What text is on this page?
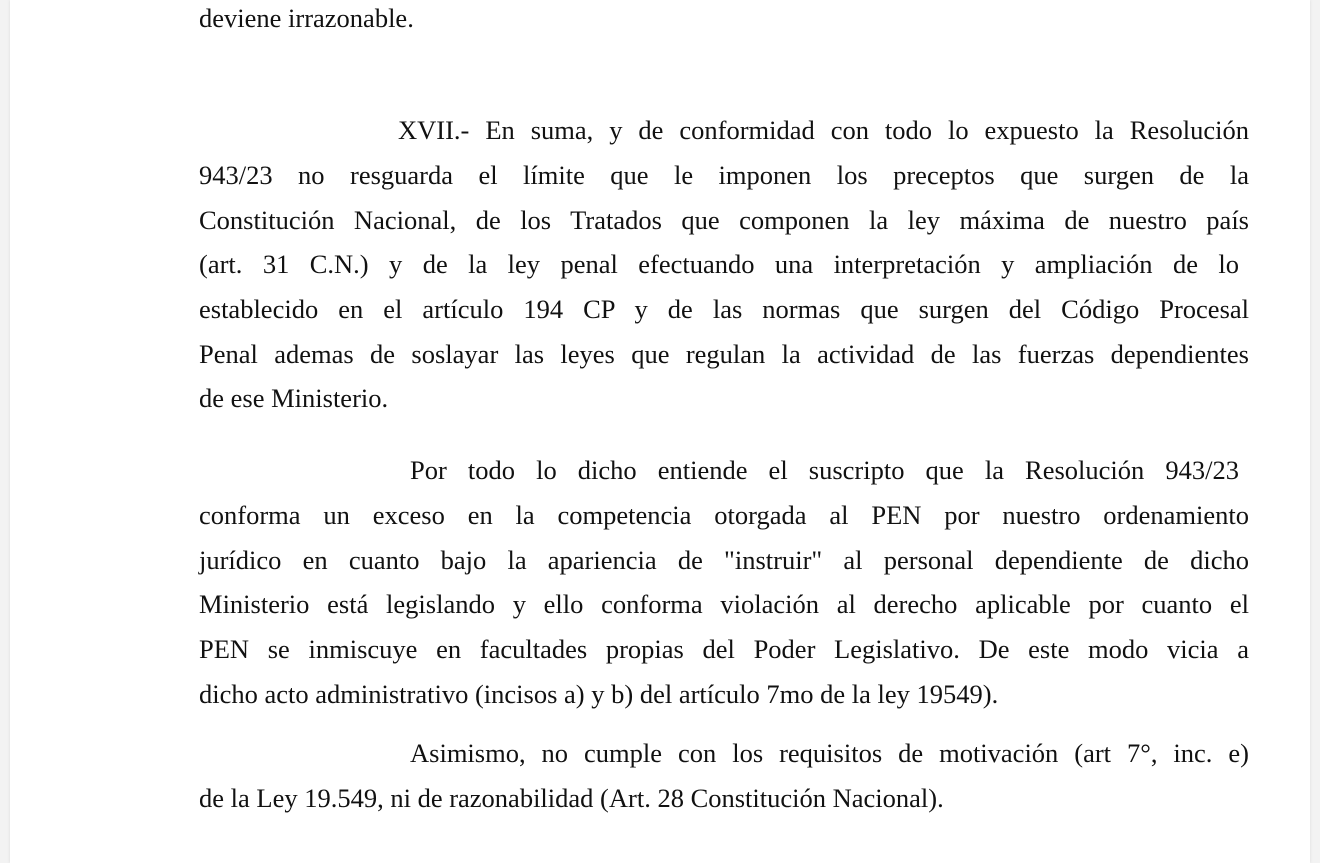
deviene irrazonable.
XVII.- En suma, y de conformidad con todo lo expuesto la Resolución
943/23 no resguarda el límite que le imponen los preceptos que surgen de la
Constitución Nacional, de los Tratados que componen la ley máxima de nuestro país
(art. 31 C.N.) y de la ley penal efectuando una interpretación y ampliación de lo
establecido en el artículo 194 CP y de las normas que surgen del Código Procesal
Penal ademas de soslayar las leyes que regulan la actividad de las fuerzas dependientes
de ese Ministerio.
Por todo lo dicho entiende el suscripto que la Resolución 943/23
conforma un exceso en la competencia otorgada al PEN por nuestro ordenamiento
jurídico en cuanto bajo la apariencia de "instruir" al personal dependiente de dicho
Ministerio está legislando y ello conforma violación al derecho aplicable por cuanto el
PEN se inmiscuye en facultades propias del Poder Legislativo. De este modo vicia a
dicho acto administrativo (incisos a) y b) del artículo 7mo de la ley 19549).
Asimismo, no cumple con los requisitos de motivación (art 7°, inc. e)
de la Ley 19.549, ni de razonabilidad (Art. 28 Constitución Nacional).
